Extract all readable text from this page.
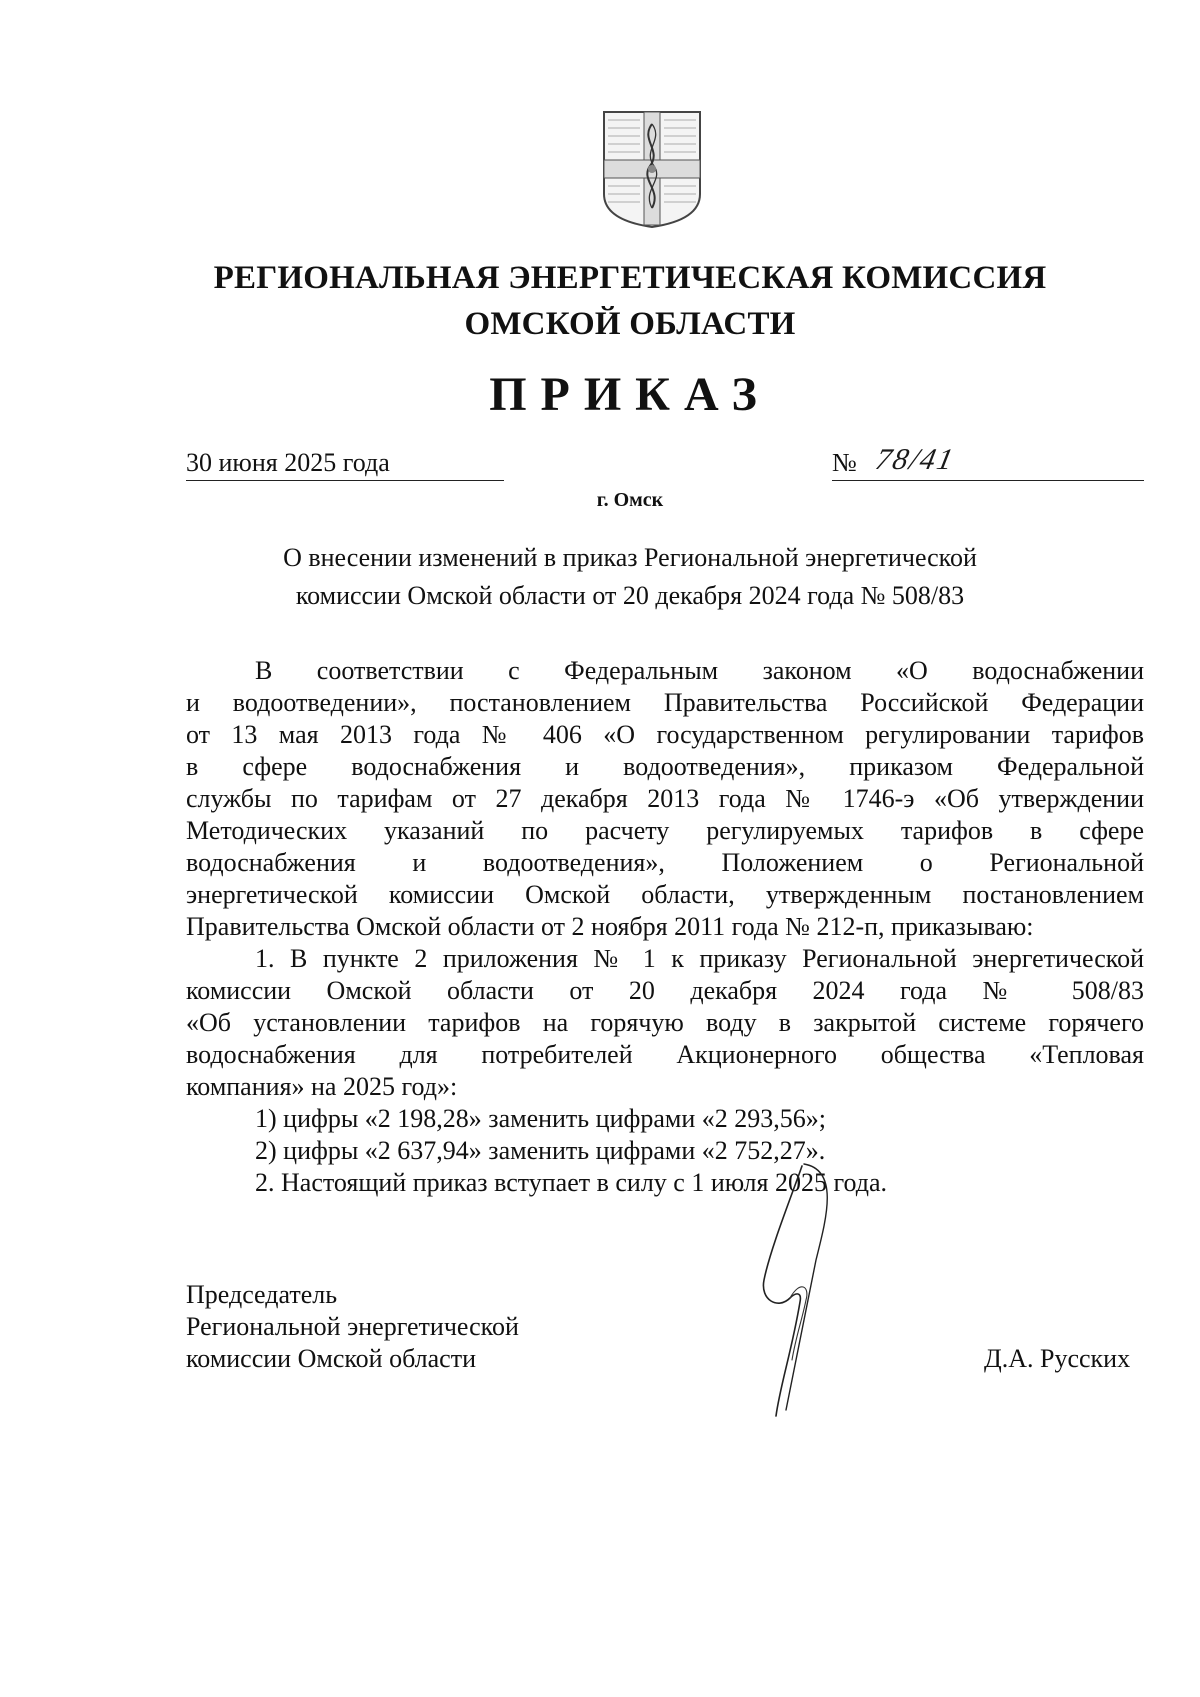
РЕГИОНАЛЬНАЯ ЭНЕРГЕТИЧЕСКАЯ КОМИССИЯ
ОМСКОЙ ОБЛАСТИ
ПРИКАЗ
30 июня 2025 года	№ 78/41
г. Омск
О внесении изменений в приказ Региональной энергетической
комиссии Омской области от 20 декабря 2024 года № 508/83
В соответствии с Федеральным законом «О водоснабжении
и водоотведении», постановлением Правительства Российской Федерации
от 13 мая 2013 года № 406 «О государственном регулировании тарифов
в сфере водоснабжения и водоотведения», приказом Федеральной
службы по тарифам от 27 декабря 2013 года № 1746-э «Об утверждении
Методических указаний по расчету регулируемых тарифов в сфере
водоснабжения и водоотведения», Положением о Региональной
энергетической комиссии Омской области, утвержденным постановлением
Правительства Омской области от 2 ноября 2011 года № 212-п, приказываю:
1. В пункте 2 приложения № 1 к приказу Региональной энергетической
комиссии Омской области от 20 декабря 2024 года № 508/83
«Об установлении тарифов на горячую воду в закрытой системе горячего
водоснабжения для потребителей Акционерного общества «Тепловая
компания» на 2025 год»:
1) цифры «2 198,28» заменить цифрами «2 293,56»;
2) цифры «2 637,94» заменить цифрами «2 752,27».
2. Настоящий приказ вступает в силу с 1 июля 2025 года.
Председатель
Региональной энергетической
комиссии Омской области	Д.А. Русских
